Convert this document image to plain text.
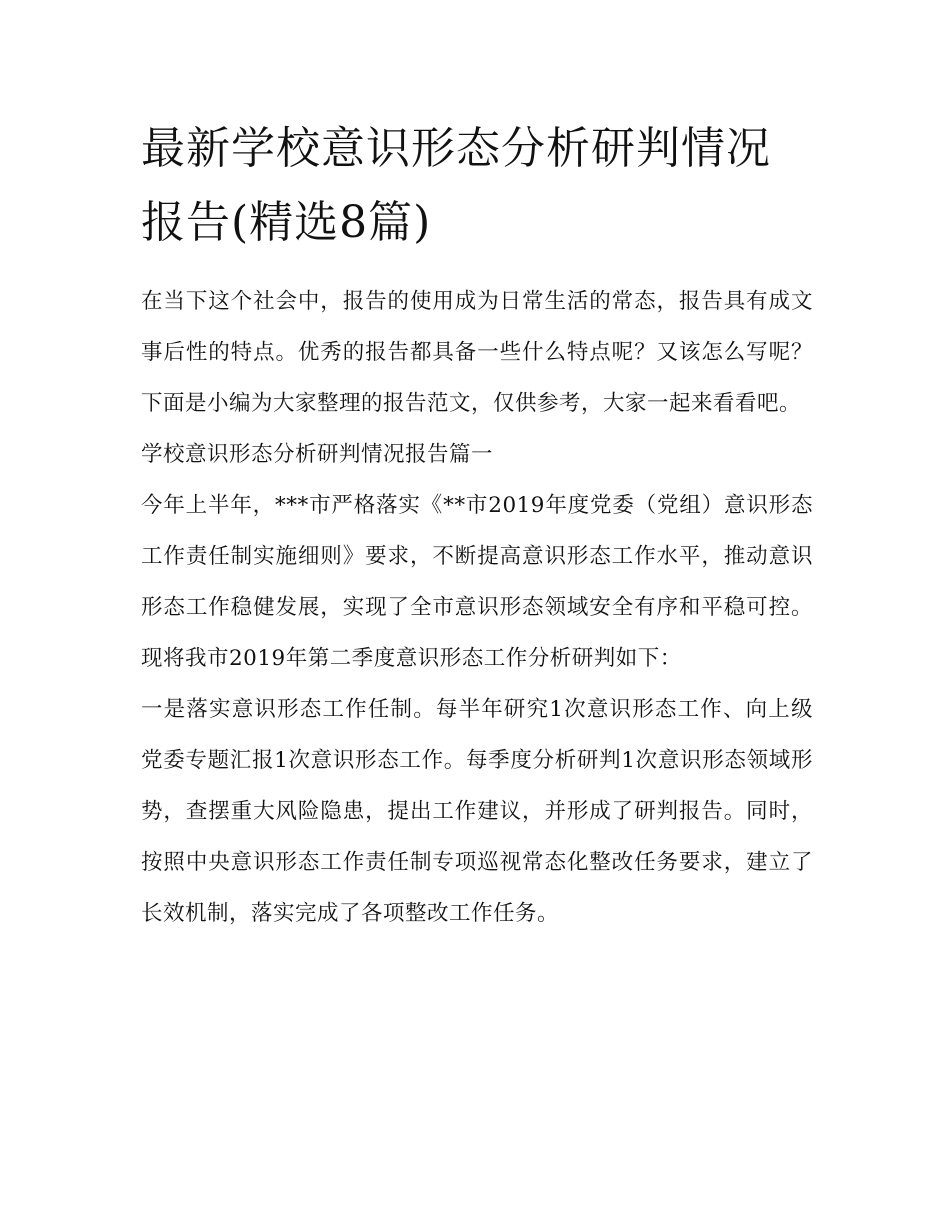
最新学校意识形态分析研判情况报告(精选8篇)

在当下这个社会中，报告的使用成为日常生活的常态，报告具有成文事后性的特点。优秀的报告都具备一些什么特点呢？又该怎么写呢？下面是小编为大家整理的报告范文，仅供参考，大家一起来看看吧。

学校意识形态分析研判情况报告篇一

今年上半年，***市严格落实《**市2019年度党委（党组）意识形态工作责任制实施细则》要求，不断提高意识形态工作水平，推动意识形态工作稳健发展，实现了全市意识形态领域安全有序和平稳可控。现将我市2019年第二季度意识形态工作分析研判如下：

一是落实意识形态工作任制。每半年研究1次意识形态工作、向上级党委专题汇报1次意识形态工作。每季度分析研判1次意识形态领域形势，查摆重大风险隐患，提出工作建议，并形成了研判报告。同时，按照中央意识形态工作责任制专项巡视常态化整改任务要求，建立了长效机制，落实完成了各项整改工作任务。
